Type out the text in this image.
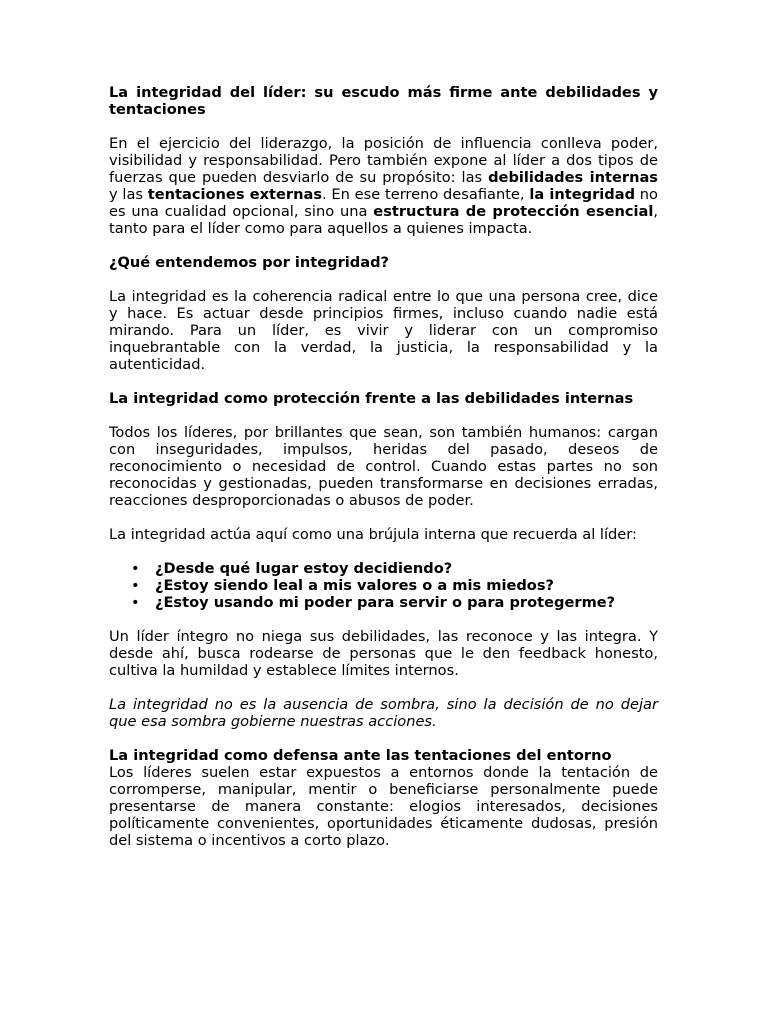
La integridad del líder: su escudo más firme ante debilidades y tentaciones

En el ejercicio del liderazgo, la posición de influencia conlleva poder, visibilidad y responsabilidad. Pero también expone al líder a dos tipos de fuerzas que pueden desviarlo de su propósito: las debilidades internas y las tentaciones externas. En ese terreno desafiante, la integridad no es una cualidad opcional, sino una estructura de protección esencial, tanto para el líder como para aquellos a quienes impacta.

¿Qué entendemos por integridad?

La integridad es la coherencia radical entre lo que una persona cree, dice y hace. Es actuar desde principios firmes, incluso cuando nadie está mirando. Para un líder, es vivir y liderar con un compromiso inquebrantable con la verdad, la justicia, la responsabilidad y la autenticidad.

La integridad como protección frente a las debilidades internas

Todos los líderes, por brillantes que sean, son también humanos: cargan con inseguridades, impulsos, heridas del pasado, deseos de reconocimiento o necesidad de control. Cuando estas partes no son reconocidas y gestionadas, pueden transformarse en decisiones erradas, reacciones desproporcionadas o abusos de poder.

La integridad actúa aquí como una brújula interna que recuerda al líder:

• ¿Desde qué lugar estoy decidiendo?
• ¿Estoy siendo leal a mis valores o a mis miedos?
• ¿Estoy usando mi poder para servir o para protegerme?

Un líder íntegro no niega sus debilidades, las reconoce y las integra. Y desde ahí, busca rodearse de personas que le den feedback honesto, cultiva la humildad y establece límites internos.

La integridad no es la ausencia de sombra, sino la decisión de no dejar que esa sombra gobierne nuestras acciones.

La integridad como defensa ante las tentaciones del entorno

Los líderes suelen estar expuestos a entornos donde la tentación de corromperse, manipular, mentir o beneficiarse personalmente puede presentarse de manera constante: elogios interesados, decisiones políticamente convenientes, oportunidades éticamente dudosas, presión del sistema o incentivos a corto plazo.
